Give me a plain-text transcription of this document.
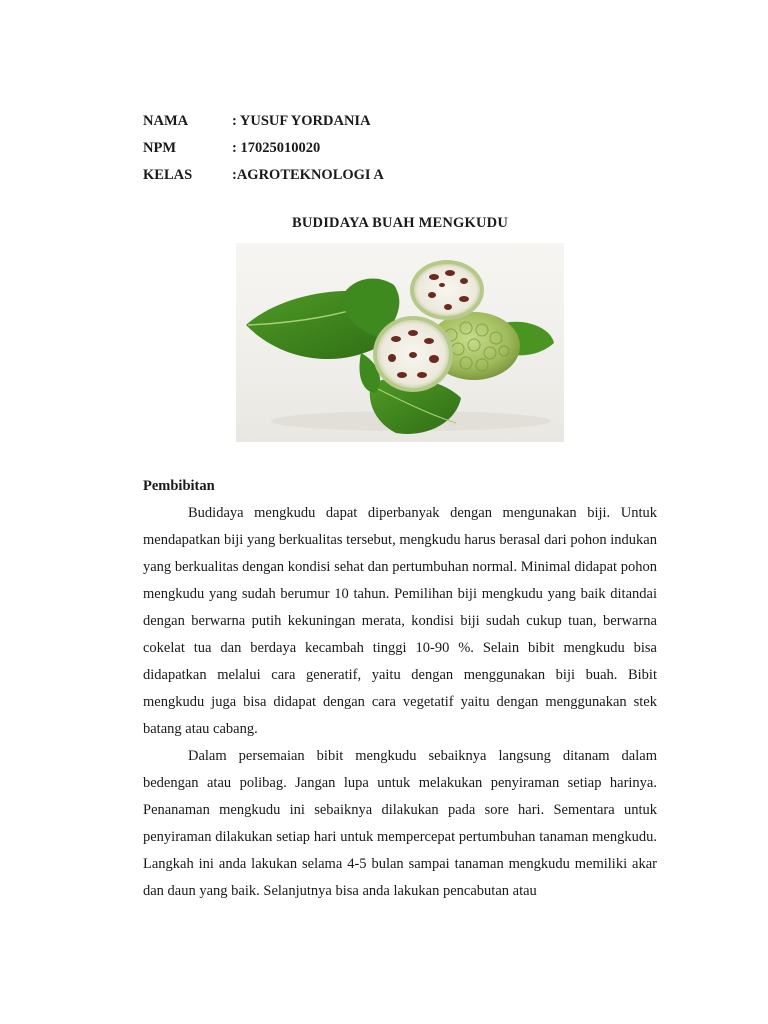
NAMA	: YUSUF YORDANIA
NPM	: 17025010020
KELAS	:AGROTEKNOLOGI A
BUDIDAYA BUAH MENGKUDU
Pembibitan

Budidaya mengkudu dapat diperbanyak dengan mengunakan biji. Untuk mendapatkan biji yang berkualitas tersebut, mengkudu harus berasal dari pohon indukan yang berkualitas dengan kondisi sehat dan pertumbuhan normal. Minimal didapat pohon mengkudu yang sudah berumur 10 tahun. Pemilihan biji mengkudu yang baik ditandai dengan berwarna putih kekuningan merata, kondisi biji sudah cukup tuan, berwarna cokelat tua dan berdaya kecambah tinggi 10-90 %. Selain bibit mengkudu bisa didapatkan melalui cara generatif, yaitu dengan menggunakan biji buah. Bibit mengkudu juga bisa didapat dengan cara vegetatif yaitu dengan menggunakan stek batang atau cabang.

Dalam persemaian bibit mengkudu sebaiknya langsung ditanam dalam bedengan atau polibag. Jangan lupa untuk melakukan penyiraman setiap harinya. Penanaman mengkudu ini sebaiknya dilakukan pada sore hari. Sementara untuk penyiraman dilakukan setiap hari untuk mempercepat pertumbuhan tanaman mengkudu. Langkah ini anda lakukan selama 4-5 bulan sampai tanaman mengkudu memiliki akar dan daun yang baik. Selanjutnya bisa anda lakukan pencabutan atau
